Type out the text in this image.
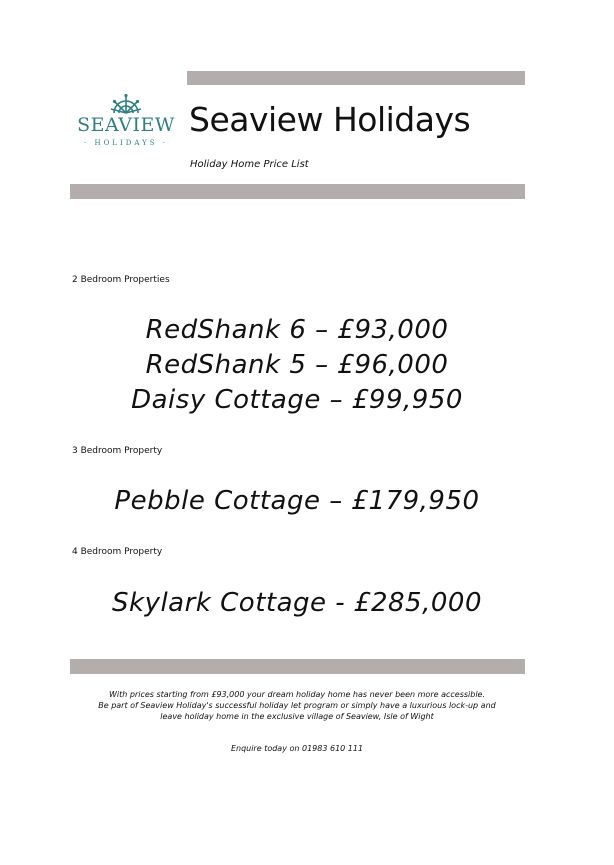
SEAVIEW
· HOLIDAYS ·
Seaview Holidays
Holiday Home Price List
2 Bedroom Properties
RedShank 6 – £93,000
RedShank 5 – £96,000
Daisy Cottage – £99,950
3 Bedroom Property
Pebble Cottage – £179,950
4 Bedroom Property
Skylark Cottage - £285,000
With prices starting from £93,000 your dream holiday home has never been more accessible.
Be part of Seaview Holiday's successful holiday let program or simply have a luxurious lock-up and
leave holiday home in the exclusive village of Seaview, Isle of Wight
Enquire today on 01983 610 111
